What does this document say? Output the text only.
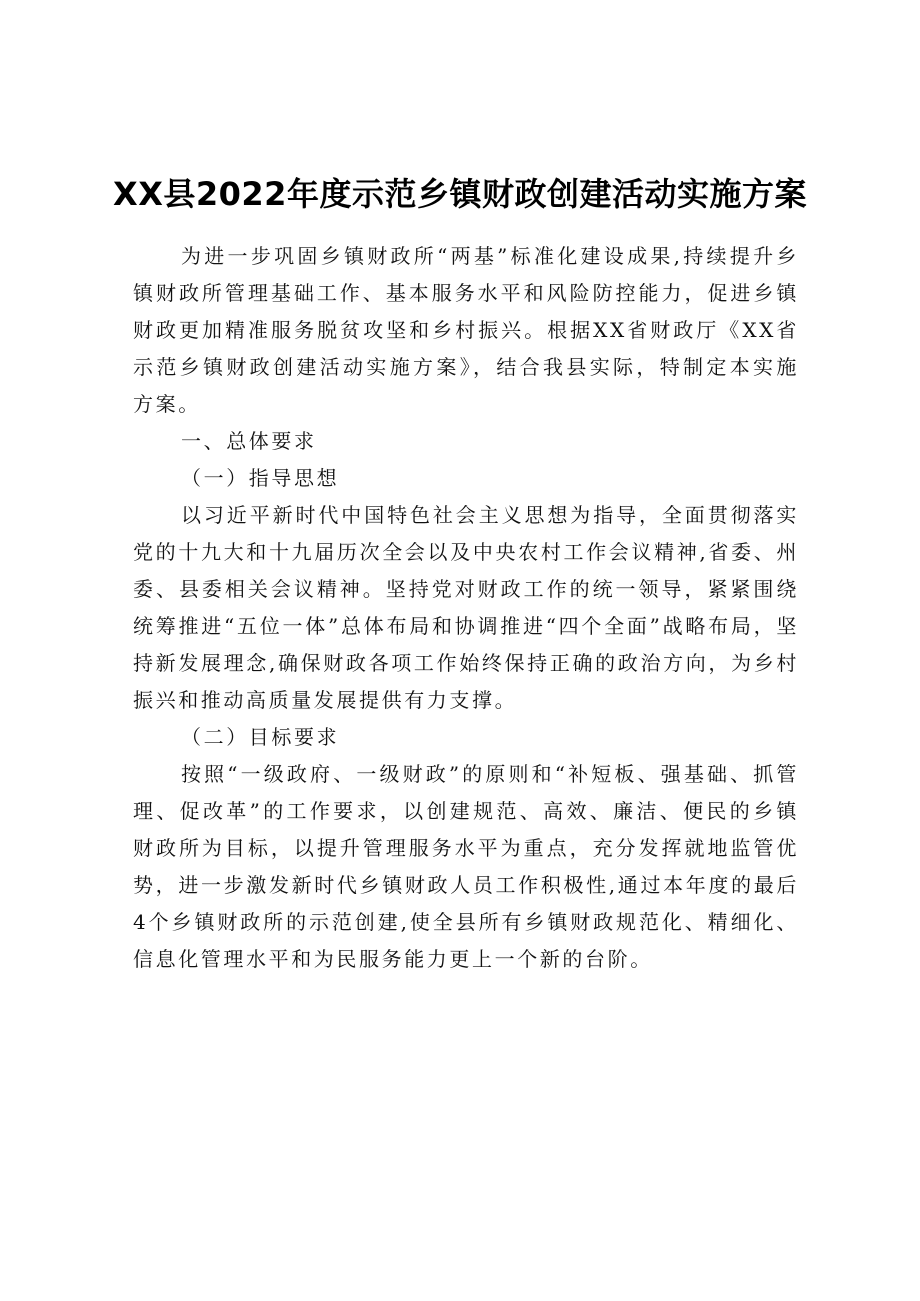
XX县2022年度示范乡镇财政创建活动实施方案

为进一步巩固乡镇财政所“两基”标准化建设成果,持续提升乡镇财政所管理基础工作、基本服务水平和风险防控能力，促进乡镇财政更加精准服务脱贫攻坚和乡村振兴。根据XX省财政厅《XX省示范乡镇财政创建活动实施方案》，结合我县实际，特制定本实施方案。

一、总体要求

（一）指导思想

以习近平新时代中国特色社会主义思想为指导，全面贯彻落实党的十九大和十九届历次全会以及中央农村工作会议精神,省委、州委、县委相关会议精神。坚持党对财政工作的统一领导，紧紧围绕统筹推进“五位一体”总体布局和协调推进“四个全面”战略布局，坚持新发展理念,确保财政各项工作始终保持正确的政治方向，为乡村振兴和推动高质量发展提供有力支撑。

（二）目标要求

按照“一级政府、一级财政”的原则和“补短板、强基础、抓管理、促改革”的工作要求，以创建规范、高效、廉洁、便民的乡镇财政所为目标，以提升管理服务水平为重点，充分发挥就地监管优势，进一步激发新时代乡镇财政人员工作积极性,通过本年度的最后4个乡镇财政所的示范创建,使全县所有乡镇财政规范化、精细化、信息化管理水平和为民服务能力更上一个新的台阶。
